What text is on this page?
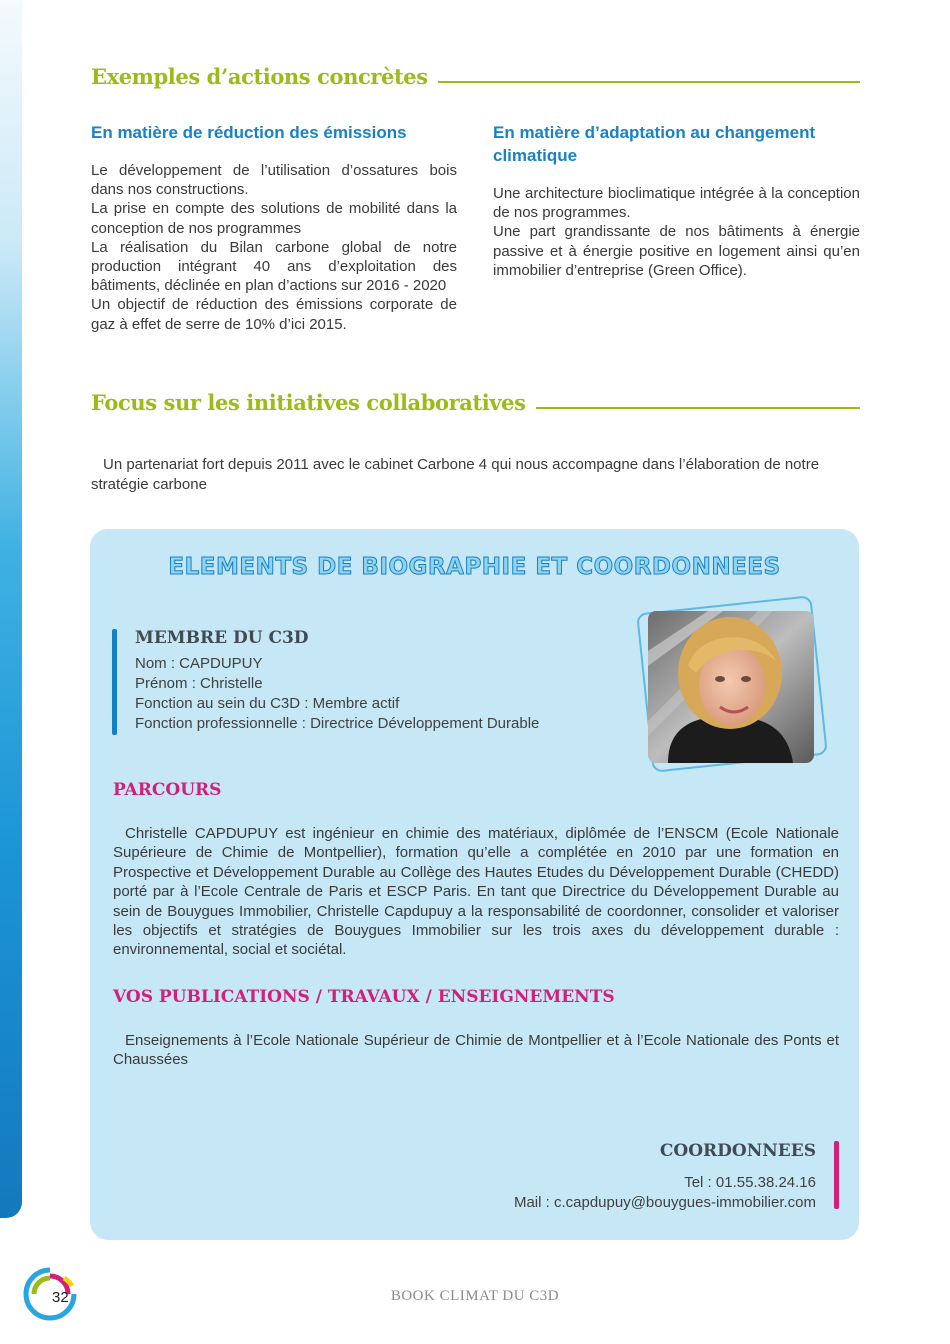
Exemples d’actions concrètes
En matière de réduction des émissions

Le développement de l’utilisation d’ossatures bois dans nos constructions.

La prise en compte des solutions de mobilité dans la conception de nos programmes

La réalisation du Bilan carbone global de notre production intégrant 40 ans d’exploitation des bâtiments, déclinée en plan d’actions sur 2016 - 2020

Un objectif de réduction des émissions corporate de gaz à effet de serre de 10% d’ici 2015.

En matière d’adaptation au changement climatique

Une architecture bioclimatique intégrée à la conception de nos programmes.

Une part grandissante de nos bâtiments à énergie passive et à énergie positive en logement ainsi qu’en immobilier d’entreprise (Green Office).

Focus sur les initiatives collaboratives
Un partenariat fort depuis 2011 avec le cabinet Carbone 4 qui nous accompagne dans l’élaboration de notre stratégie carbone
ELEMENTS DE BIOGRAPHIE ET COORDONNEES
MEMBRE DU C3D
Nom : CAPDUPUY
Prénom : Christelle
Fonction au sein du C3D : Membre actif
Fonction professionnelle : Directrice Développement Durable
PARCOURS
Christelle CAPDUPUY est ingénieur en chimie des matériaux, diplômée de l’ENSCM (Ecole Nationale Supérieure de Chimie de Montpellier), formation qu’elle a complétée en 2010 par une formation en Prospective et Développement Durable au Collège des Hautes Etudes du Développement Durable (CHEDD) porté par à l’Ecole Centrale de Paris et ESCP Paris. En tant que Directrice du Développement Durable au sein de Bouygues Immobilier, Christelle Capdupuy a la responsabilité de coordonner, consolider et valoriser les objectifs et stratégies de Bouygues Immobilier sur les trois axes du développement durable : environnemental, social et sociétal.
VOS PUBLICATIONS / TRAVAUX / ENSEIGNEMENTS
Enseignements à l’Ecole Nationale Supérieur de Chimie de Montpellier et à l’Ecole Nationale des Ponts et Chaussées
COORDONNEES
Tel : 01.55.38.24.16
Mail : c.capdupuy@bouygues-immobilier.com
32	BOOK CLIMAT DU C3D
